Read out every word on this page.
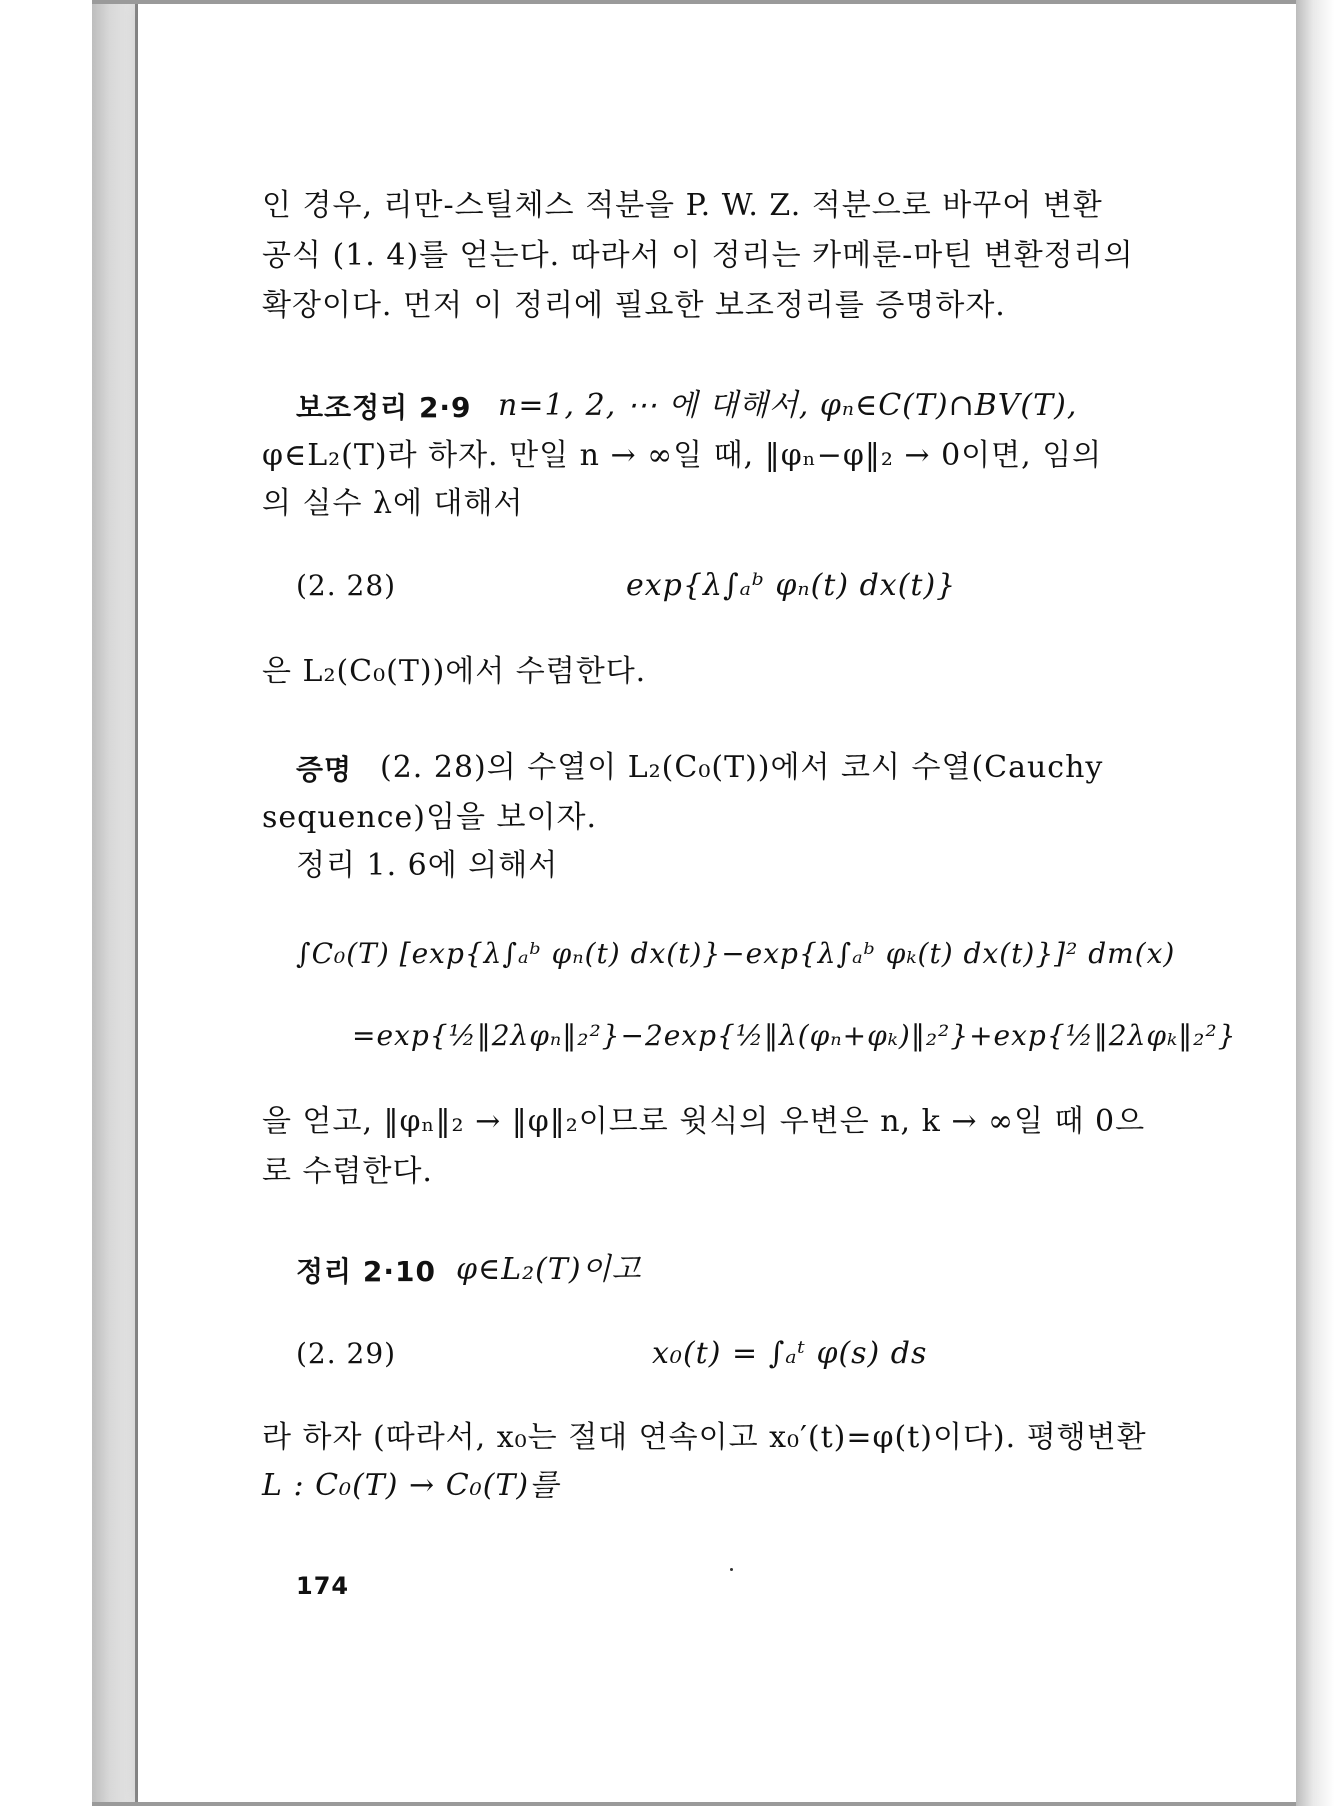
인 경우, 리만-스틸체스 적분을 P. W. Z. 적분으로 바꾸어 변환
공식 (1. 4)를 얻는다. 따라서 이 정리는 카메룬-마틴 변환정리의
확장이다. 먼저 이 정리에 필요한 보조정리를 증명하자.
보조정리 2·9 n=1, 2, ⋯ 에 대해서, φₙ∈C(T)∩BV(T),
φ∈L₂(T)라 하자. 만일 n → ∞일 때, ‖φₙ−φ‖₂ → 0이면, 임의
의 실수 λ에 대해서
(2. 28)	exp{λ∫ₐᵇ φₙ(t) dx(t)}
은 L₂(C₀(T))에서 수렴한다.
증명 (2. 28)의 수열이 L₂(C₀(T))에서 코시 수열(Cauchy
sequence)임을 보이자.
정리 1. 6에 의해서
∫C₀(T) [exp{λ∫ₐᵇ φₙ(t) dx(t)}−exp{λ∫ₐᵇ φₖ(t) dx(t)}]² dm(x)
=exp{½‖2λφₙ‖₂²}−2exp{½‖λ(φₙ+φₖ)‖₂²}+exp{½‖2λφₖ‖₂²}
을 얻고, ‖φₙ‖₂ → ‖φ‖₂이므로 윗식의 우변은 n, k → ∞일 때 0으
로 수렴한다.
정리 2·10 φ∈L₂(T)이고
(2. 29)	x₀(t) = ∫ₐᵗ φ(s) ds
라 하자 (따라서, x₀는 절대 연속이고 x₀′(t)=φ(t)이다). 평행변환
L : C₀(T) → C₀(T)를
174
